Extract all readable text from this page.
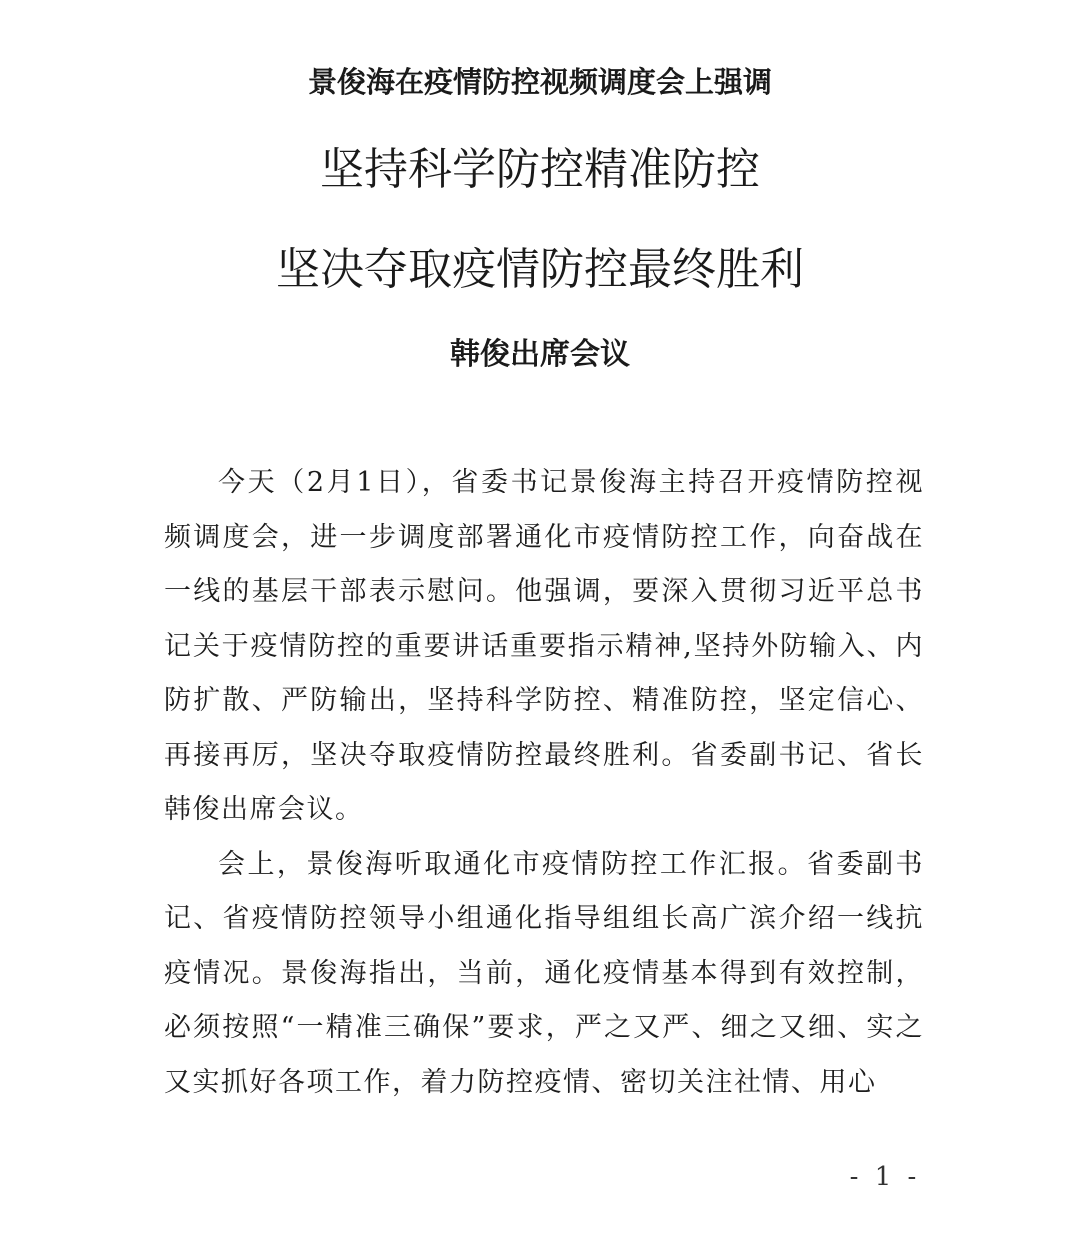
景俊海在疫情防控视频调度会上强调
坚持科学防控精准防控
坚决夺取疫情防控最终胜利
韩俊出席会议

今天（2月1日），省委书记景俊海主持召开疫情防控视频调度会，进一步调度部署通化市疫情防控工作，向奋战在一线的基层干部表示慰问。他强调，要深入贯彻习近平总书记关于疫情防控的重要讲话重要指示精神,坚持外防输入、内防扩散、严防输出，坚持科学防控、精准防控，坚定信心、再接再厉，坚决夺取疫情防控最终胜利。省委副书记、省长韩俊出席会议。

会上，景俊海听取通化市疫情防控工作汇报。省委副书记、省疫情防控领导小组通化指导组组长高广滨介绍一线抗疫情况。景俊海指出，当前，通化疫情基本得到有效控制，必须按照“一精准三确保”要求，严之又严、细之又细、实之又实抓好各项工作，着力防控疫情、密切关注社情、用心

- 1 -
